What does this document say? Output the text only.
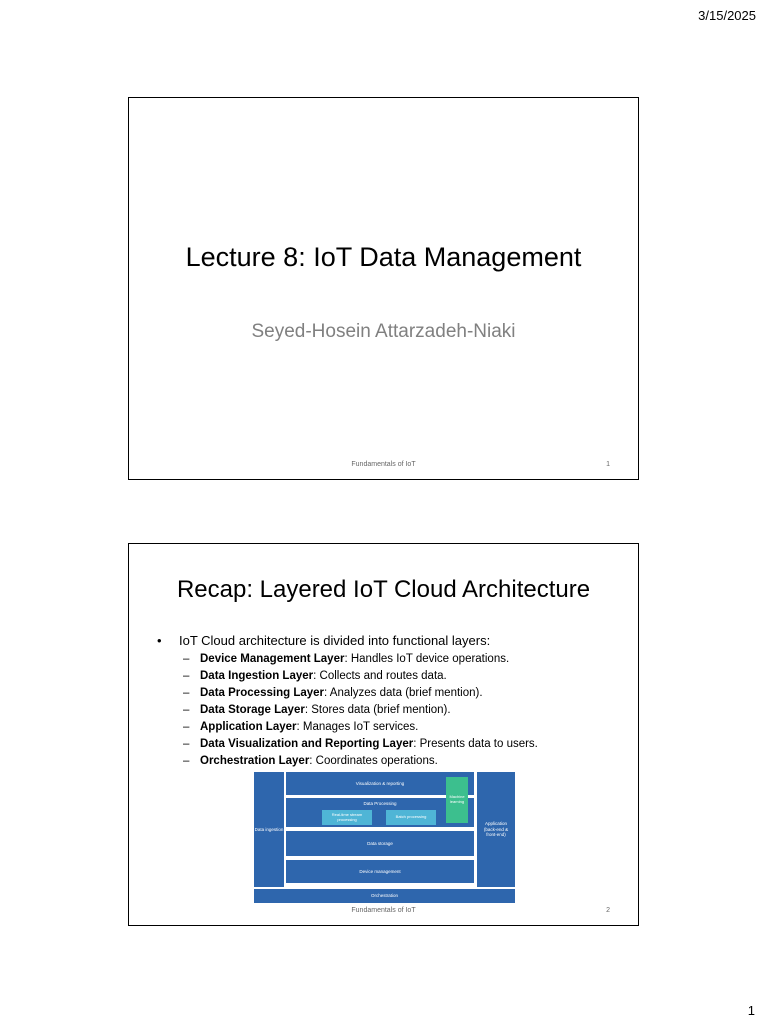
3/15/2025
Lecture 8: IoT Data Management
Seyed-Hosein Attarzadeh-Niaki
Fundamentals of IoT	1
Recap: Layered IoT Cloud Architecture
• IoT Cloud architecture is divided into functional layers:
– Device Management Layer: Handles IoT device operations.
– Data Ingestion Layer: Collects and routes data.
– Data Processing Layer: Analyzes data (brief mention).
– Data Storage Layer: Stores data (brief mention).
– Application Layer: Manages IoT services.
– Data Visualization and Reporting Layer: Presents data to users.
– Orchestration Layer: Coordinates operations.
Data ingestion
Visualization & reporting
Data Processing
Real-time stream processing	Batch processing
Machine learning
Data storage
Device management
Application (back-end & front-end)
Orchestration
Fundamentals of IoT	2
1
